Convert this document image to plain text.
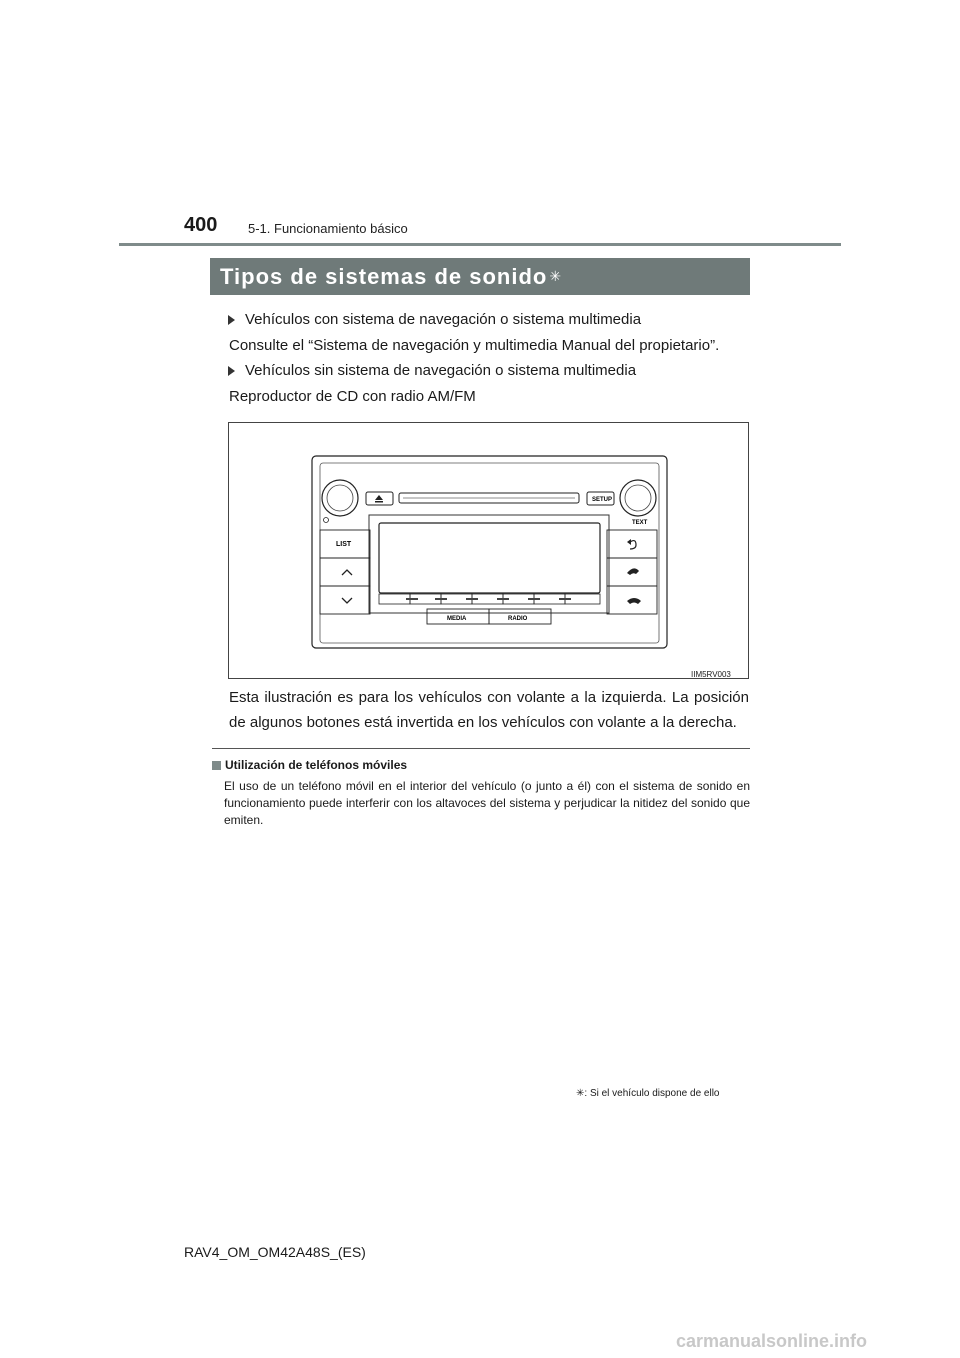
400 5-1. Funcionamiento básico
Tipos de sistemas de sonido ✳
Vehículos con sistema de navegación o sistema multimedia
Consulte el “Sistema de navegación y multimedia Manual del propietario”.
Vehículos sin sistema de navegación o sistema multimedia
Reproductor de CD con radio AM/FM
TEXT
SETUP
LIST
MEDIA	RADIO
IIM5RV003
Esta ilustración es para los vehículos con volante a la izquierda. La posición de algunos botones está invertida en los vehículos con volante a la derecha.
Utilización de teléfonos móviles
El uso de un teléfono móvil en el interior del vehículo (o junto a él) con el sistema de sonido en funcionamiento puede interferir con los altavoces del sistema y perjudicar la nitidez del sonido que emiten.
✳: Si el vehículo dispone de ello
RAV4_OM_OM42A48S_(ES)
carmanualsonline.info
